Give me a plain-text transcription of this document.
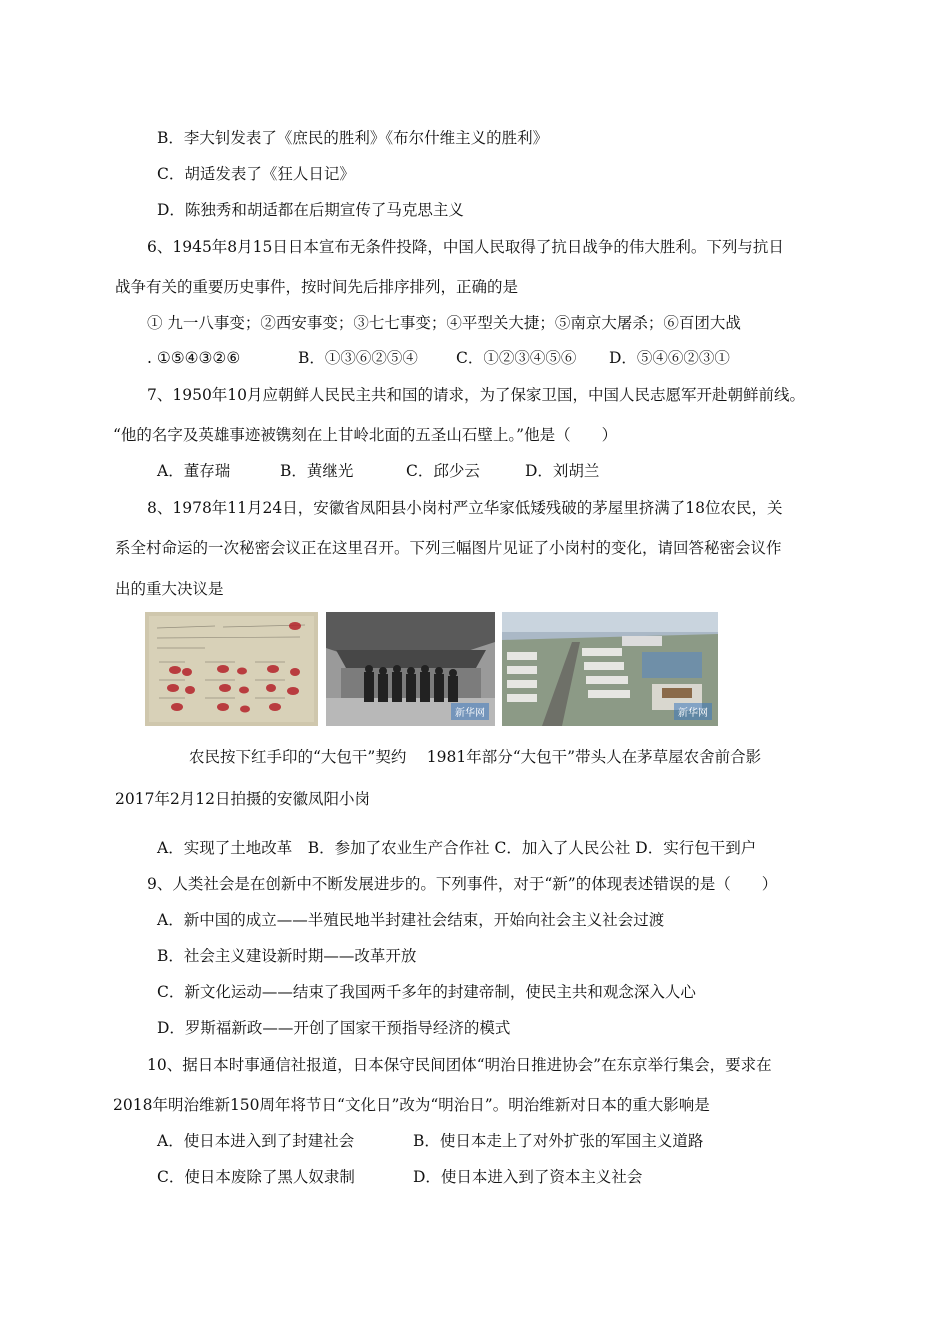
B．李大钊发表了《庶民的胜利》《布尔什维主义的胜利》
C．胡适发表了《狂人日记》
D．陈独秀和胡适都在后期宣传了马克思主义
6、1945年8月15日日本宣布无条件投降，中国人民取得了抗日战争的伟大胜利。下列与抗日
战争有关的重要历史事件，按时间先后排序排列，正确的是
① 九一八事变；②西安事变；③七七事变；④平型关大捷；⑤南京大屠杀；⑥百团大战
. ①⑤④③②⑥	B．①③⑥②⑤④ C．①②③④⑤⑥ D．⑤④⑥②③①
7、1950年10月应朝鲜人民民主共和国的请求，为了保家卫国，中国人民志愿军开赴朝鲜前线。
“他的名字及英雄事迹被镌刻在上甘岭北面的五圣山石壁上。”他是（　　）
A．董存瑞	B．黄继光	C．邱少云	D．刘胡兰
8、1978年11月24日，安徽省凤阳县小岗村严立华家低矮残破的茅屋里挤满了18位农民，关
系全村命运的一次秘密会议正在这里召开。下列三幅图片见证了小岗村的变化，请回答秘密会议作
出的重大决议是
新华网	新华网
农民按下红手印的“大包干”契约　 1981年部分“大包干”带头人在茅草屋农舍前合影
2017年2月12日拍摄的安徽凤阳小岗
A．实现了土地改革　B．参加了农业生产合作社 C．加入了人民公社 D．实行包干到户
9、人类社会是在创新中不断发展进步的。下列事件，对于“新”的体现表述错误的是（　　）
A．新中国的成立——半殖民地半封建社会结束，开始向社会主义社会过渡
B．社会主义建设新时期——改革开放
C．新文化运动——结束了我国两千多年的封建帝制，使民主共和观念深入人心
D．罗斯福新政——开创了国家干预指导经济的模式
10、据日本时事通信社报道，日本保守民间团体“明治日推进协会”在东京举行集会，要求在
2018年明治维新150周年将节日“文化日”改为“明治日”。明治维新对日本的重大影响是
A．使日本进入到了封建社会	B．使日本走上了对外扩张的军国主义道路
C．使日本废除了黑人奴隶制	D．使日本进入到了资本主义社会
